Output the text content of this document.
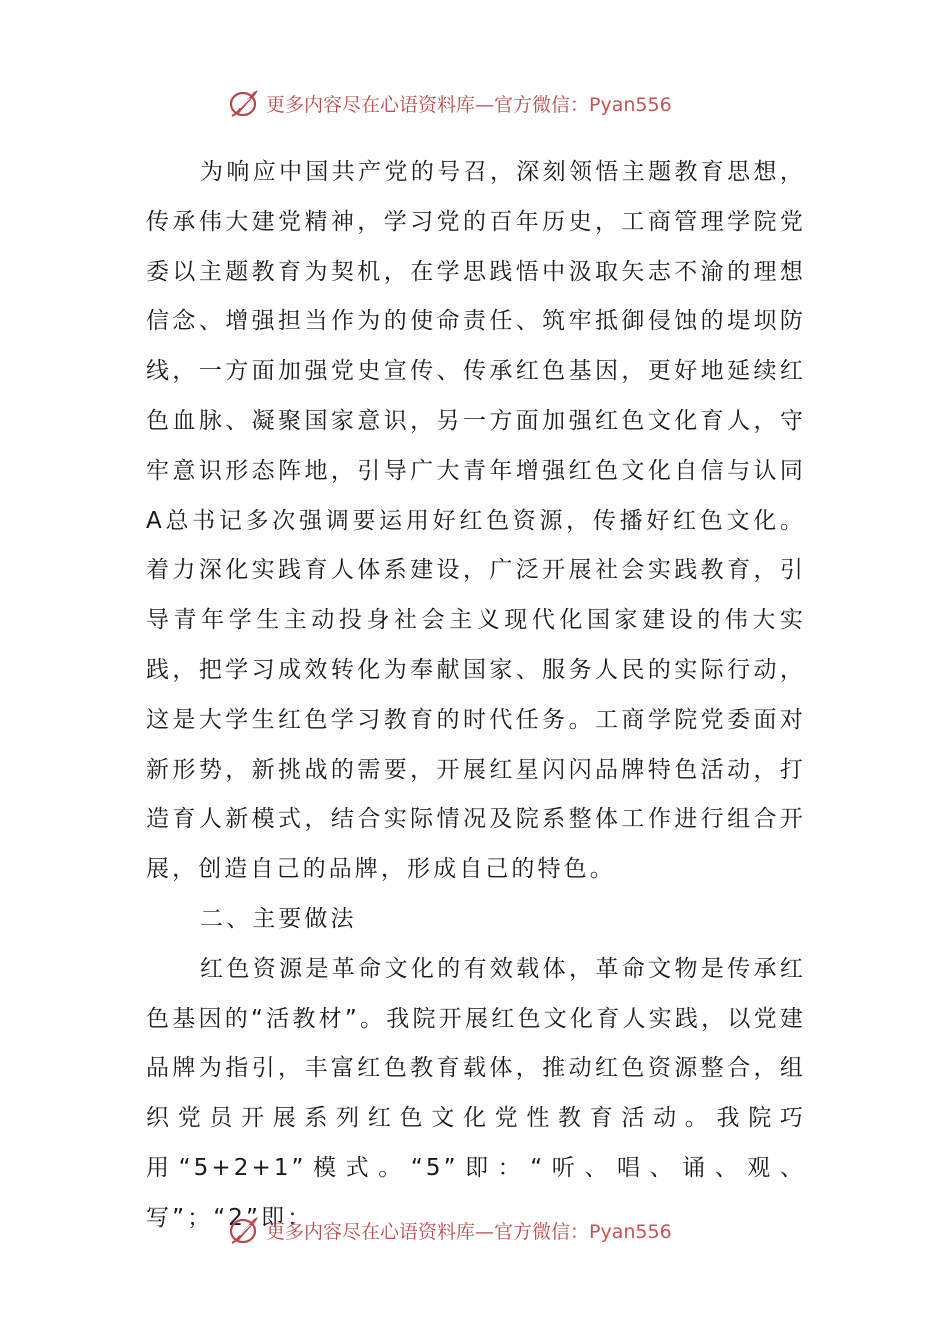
更多内容尽在心语资料库—官方微信：Pyan556

为响应中国共产党的号召，深刻领悟主题教育思想，传承伟大建党精神，学习党的百年历史，工商管理学院党委以主题教育为契机，在学思践悟中汲取矢志不渝的理想信念、增强担当作为的使命责任、筑牢抵御侵蚀的堤坝防线，一方面加强党史宣传、传承红色基因，更好地延续红色血脉、凝聚国家意识，另一方面加强红色文化育人，守牢意识形态阵地，引导广大青年增强红色文化自信与认同A总书记多次强调要运用好红色资源，传播好红色文化。着力深化实践育人体系建设，广泛开展社会实践教育，引导青年学生主动投身社会主义现代化国家建设的伟大实践，把学习成效转化为奉献国家、服务人民的实际行动，这是大学生红色学习教育的时代任务。工商学院党委面对新形势，新挑战的需要，开展红星闪闪品牌特色活动，打造育人新模式，结合实际情况及院系整体工作进行组合开展，创造自己的品牌，形成自己的特色。

二、主要做法

红色资源是革命文化的有效载体，革命文物是传承红色基因的“活教材”。我院开展红色文化育人实践，以党建品牌为指引，丰富红色教育载体，推动红色资源整合，组织党员开展系列红色文化党性教育活动。我院巧用“5+2+1”模式。“5”即：“听、唱、诵、观、写”；“2”即：

更多内容尽在心语资料库—官方微信：Pyan556
